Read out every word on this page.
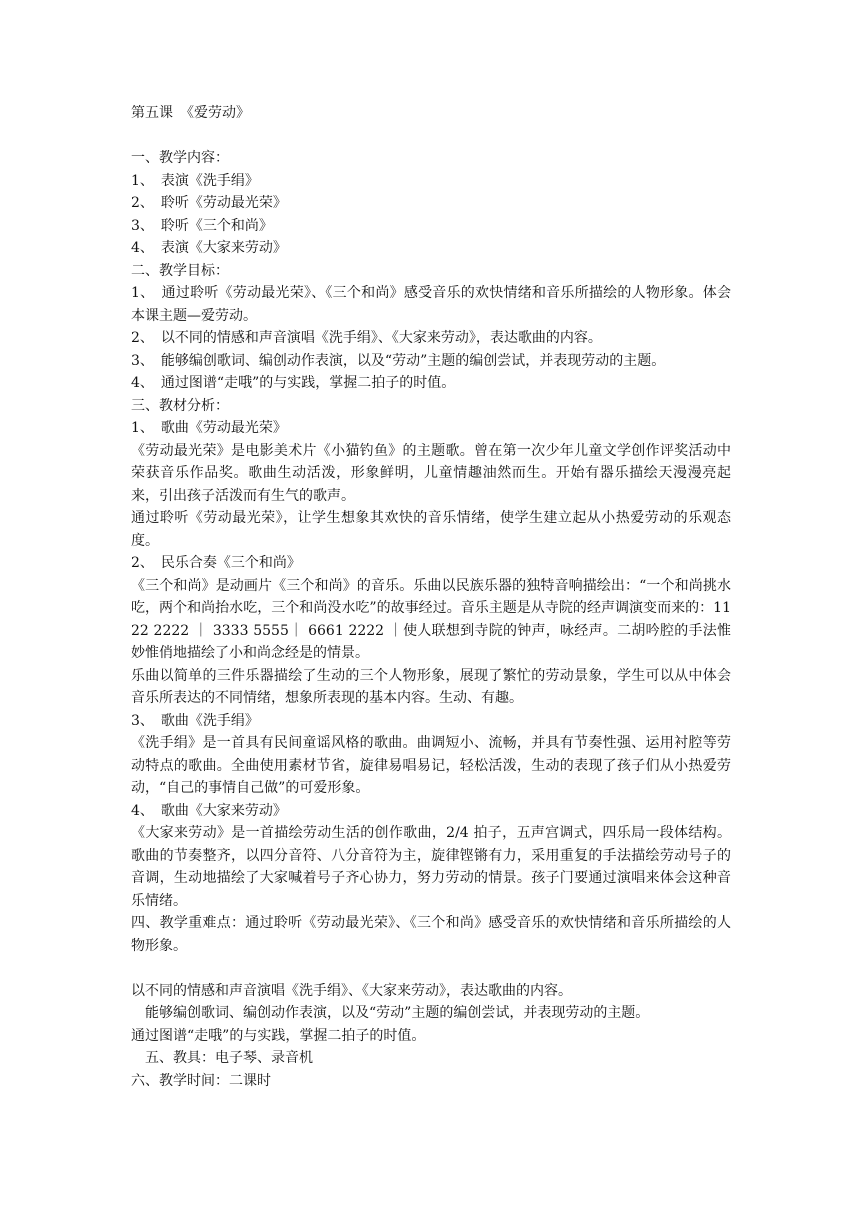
第五课　《爱劳动》
一、教学内容：
1、　表演《洗手绢》
2、　聆听《劳动最光荣》
3、　聆听《三个和尚》
4、　表演《大家来劳动》
二、教学目标：
1、　通过聆听《劳动最光荣》、《三个和尚》感受音乐的欢快情绪和音乐所描绘的人物形象。体会本课主题—爱劳动。
2、　以不同的情感和声音演唱《洗手绢》、《大家来劳动》，表达歌曲的内容。
3、　能够编创歌词、编创动作表演，以及“劳动”主题的编创尝试，并表现劳动的主题。
4、　通过图谱“走哦”的与实践，掌握二拍子的时值。
三、教材分析：
1、　歌曲《劳动最光荣》
《劳动最光荣》是电影美术片《小猫钓鱼》的主题歌。曾在第一次少年儿童文学创作评奖活动中荣获音乐作品奖。歌曲生动活泼，形象鲜明，儿童情趣油然而生。开始有器乐描绘天漫漫亮起来，引出孩子活泼而有生气的歌声。
通过聆听《劳动最光荣》，让学生想象其欢快的音乐情绪，使学生建立起从小热爱劳动的乐观态度。
2、　民乐合奏《三个和尚》
《三个和尚》是动画片《三个和尚》的音乐。乐曲以民族乐器的独特音响描绘出：“一个和尚挑水吃，两个和尚抬水吃，三个和尚没水吃”的故事经过。音乐主题是从寺院的经声调演变而来的：1122 2222 ｜ 3333 5555｜ 6661 2222 ｜使人联想到寺院的钟声，咏经声。二胡吟腔的手法惟妙惟俏地描绘了小和尚念经是的情景。
乐曲以简单的三件乐器描绘了生动的三个人物形象，展现了繁忙的劳动景象，学生可以从中体会音乐所表达的不同情绪，想象所表现的基本内容。生动、有趣。
3、　歌曲《洗手绢》
《洗手绢》是一首具有民间童谣风格的歌曲。曲调短小、流畅，并具有节奏性强、运用衬腔等劳动特点的歌曲。全曲使用素材节省，旋律易唱易记，轻松活泼，生动的表现了孩子们从小热爱劳动，“自己的事情自己做”的可爱形象。
4、　歌曲《大家来劳动》
《大家来劳动》是一首描绘劳动生活的创作歌曲，2/4 拍子，五声宫调式，四乐局一段体结构。歌曲的节奏整齐，以四分音符、八分音符为主，旋律铿锵有力，采用重复的手法描绘劳动号子的音调，生动地描绘了大家喊着号子齐心协力，努力劳动的情景。孩子门要通过演唱来体会这种音乐情绪。
四、教学重难点：通过聆听《劳动最光荣》、《三个和尚》感受音乐的欢快情绪和音乐所描绘的人物形象。
以不同的情感和声音演唱《洗手绢》、《大家来劳动》，表达歌曲的内容。
能够编创歌词、编创动作表演，以及“劳动”主题的编创尝试，并表现劳动的主题。
通过图谱“走哦”的与实践，掌握二拍子的时值。
五、教具：电子琴、录音机
六、教学时间：二课时
